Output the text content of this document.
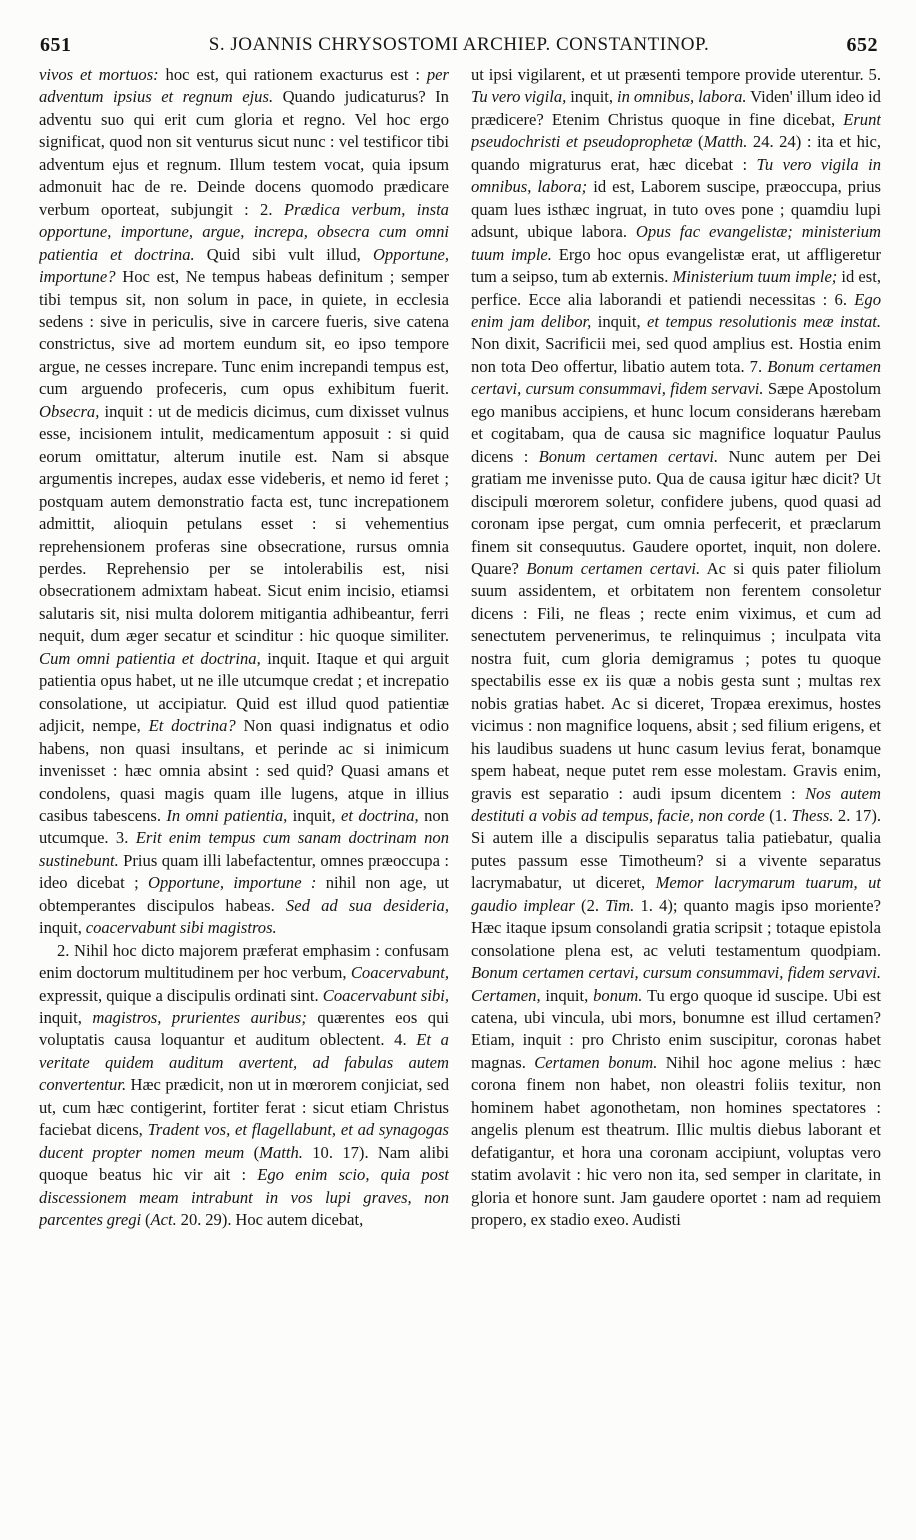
651	S. JOANNIS CHRYSOSTOMI ARCHIEP. CONSTANTINOP.	652

vivos et mortuos: hoc est, qui rationem exacturus est : per adventum ipsius et regnum ejus. Quando judicaturus? In adventu suo qui erit cum gloria et regno. Vel hoc ergo significat, quod non sit venturus sicut nunc : vel testificor tibi adventum ejus et regnum. Illum testem vocat, quia ipsum admonuit hac de re. Deinde docens quomodo prædicare verbum oporteat, subjungit : 2. Prædica verbum, insta opportune, importune, argue, increpa, obsecra cum omni patientia et doctrina. Quid sibi vult illud, Opportune, importune? Hoc est, Ne tempus habeas definitum ; semper tibi tempus sit, non solum in pace, in quiete, in ecclesia sedens : sive in periculis, sive in carcere fueris, sive catena constrictus, sive ad mortem eundum sit, eo ipso tempore argue, ne cesses increpare. Tunc enim increpandi tempus est, cum arguendo profeceris, cum opus exhibitum fuerit. Obsecra, inquit : ut de medicis dicimus, cum dixisset vulnus esse, incisionem intulit, medicamentum apposuit : si quid eorum omittatur, alterum inutile est. Nam si absque argumentis increpes, audax esse videberis, et nemo id feret ; postquam autem demonstratio facta est, tunc increpationem admittit, alioquin petulans esset : si vehementius reprehensionem proferas sine obsecratione, rursus omnia perdes. Reprehensio per se intolerabilis est, nisi obsecrationem admixtam habeat. Sicut enim incisio, etiamsi salutaris sit, nisi multa dolorem mitigantia adhibeantur, ferri nequit, dum æger secatur et scinditur : hic quoque similiter. Cum omni patientia et doctrina, inquit. Itaque et qui arguit patientia opus habet, ut ne ille utcumque credat ; et increpatio consolatione, ut accipiatur. Quid est illud quod patientiæ adjicit, nempe, Et doctrina? Non quasi indignatus et odio habens, non quasi insultans, et perinde ac si inimicum invenisset : hæc omnia absint : sed quid? Quasi amans et condolens, quasi magis quam ille lugens, atque in illius casibus tabescens. In omni patientia, inquit, et doctrina, non utcumque. 3. Erit enim tempus cum sanam doctrinam non sustinebunt. Prius quam illi labefactentur, omnes præoccupa : ideo dicebat ; Opportune, importune : nihil non age, ut obtemperantes discipulos habeas. Sed ad sua desideria, inquit, coacervabunt sibi magistros.

2. Nihil hoc dicto majorem præferat emphasim : confusam enim doctorum multitudinem per hoc verbum, Coacervabunt, expressit, quique a discipulis ordinati sint. Coacervabunt sibi, inquit, magistros, prurientes auribus; quærentes eos qui voluptatis causa loquantur et auditum oblectent. 4. Et a veritate quidem auditum avertent, ad fabulas autem convertentur. Hæc prædicit, non ut in mœrorem conjiciat, sed ut, cum hæc contigerint, fortiter ferat : sicut etiam Christus faciebat dicens, Tradent vos, et flagellabunt, et ad synagogas ducent propter nomen meum (Matth. 10. 17). Nam alibi quoque beatus hic vir ait : Ego enim scio, quia post discessionem meam intrabunt in vos lupi graves, non parcentes gregi (Act. 20. 29). Hoc autem dicebat,

ut ipsi vigilarent, et ut præsenti tempore provide uterentur. 5. Tu vero vigila, inquit, in omnibus, labora. Viden' illum ideo id prædicere? Etenim Christus quoque in fine dicebat, Erunt pseudochristi et pseudoprophetæ (Matth. 24. 24) : ita et hic, quando migraturus erat, hæc dicebat : Tu vero vigila in omnibus, labora; id est, Laborem suscipe, præoccupa, prius quam lues isthæc ingruat, in tuto oves pone ; quamdiu lupi adsunt, ubique labora. Opus fac evangelistæ; ministerium tuum imple. Ergo hoc opus evangelistæ erat, ut affligeretur tum a seipso, tum ab externis. Ministerium tuum imple; id est, perfice. Ecce alia laborandi et patiendi necessitas : 6. Ego enim jam delibor, inquit, et tempus resolutionis meæ instat. Non dixit, Sacrificii mei, sed quod amplius est. Hostia enim non tota Deo offertur, libatio autem tota. 7. Bonum certamen certavi, cursum consummavi, fidem servavi. Sæpe Apostolum ego manibus accipiens, et hunc locum considerans hærebam et cogitabam, qua de causa sic magnifice loquatur Paulus dicens : Bonum certamen certavi. Nunc autem per Dei gratiam me invenisse puto. Qua de causa igitur hæc dicit? Ut discipuli mœrorem soletur, confidere jubens, quod quasi ad coronam ipse pergat, cum omnia perfecerit, et præclarum finem sit consequutus. Gaudere oportet, inquit, non dolere. Quare? Bonum certamen certavi. Ac si quis pater filiolum suum assidentem, et orbitatem non ferentem consoletur dicens : Fili, ne fleas ; recte enim viximus, et cum ad senectutem pervenerimus, te relinquimus ; inculpata vita nostra fuit, cum gloria demigramus ; potes tu quoque spectabilis esse ex iis quæ a nobis gesta sunt ; multas rex nobis gratias habet. Ac si diceret, Tropæa ereximus, hostes vicimus : non magnifice loquens, absit ; sed filium erigens, et his laudibus suadens ut hunc casum levius ferat, bonamque spem habeat, neque putet rem esse molestam. Gravis enim, gravis est separatio : audi ipsum dicentem : Nos autem destituti a vobis ad tempus, facie, non corde (1. Thess. 2. 17). Si autem ille a discipulis separatus talia patiebatur, qualia putes passum esse Timotheum? si a vivente separatus lacrymabatur, ut diceret, Memor lacrymarum tuarum, ut gaudio implear (2. Tim. 1. 4); quanto magis ipso moriente? Hæc itaque ipsum consolandi gratia scripsit ; totaque epistola consolatione plena est, ac veluti testamentum quodpiam. Bonum certamen certavi, cursum consummavi, fidem servavi. Certamen, inquit, bonum. Tu ergo quoque id suscipe. Ubi est catena, ubi vincula, ubi mors, bonumne est illud certamen? Etiam, inquit : pro Christo enim suscipitur, coronas habet magnas. Certamen bonum. Nihil hoc agone melius : hæc corona finem non habet, non oleastri foliis texitur, non hominem habet agonothetam, non homines spectatores : angelis plenum est theatrum. Illic multis diebus laborant et defatigantur, et hora una coronam accipiunt, voluptas vero statim avolavit : hic vero non ita, sed semper in claritate, in gloria et honore sunt. Jam gaudere oportet : nam ad requiem propero, ex stadio exeo. Audisti
